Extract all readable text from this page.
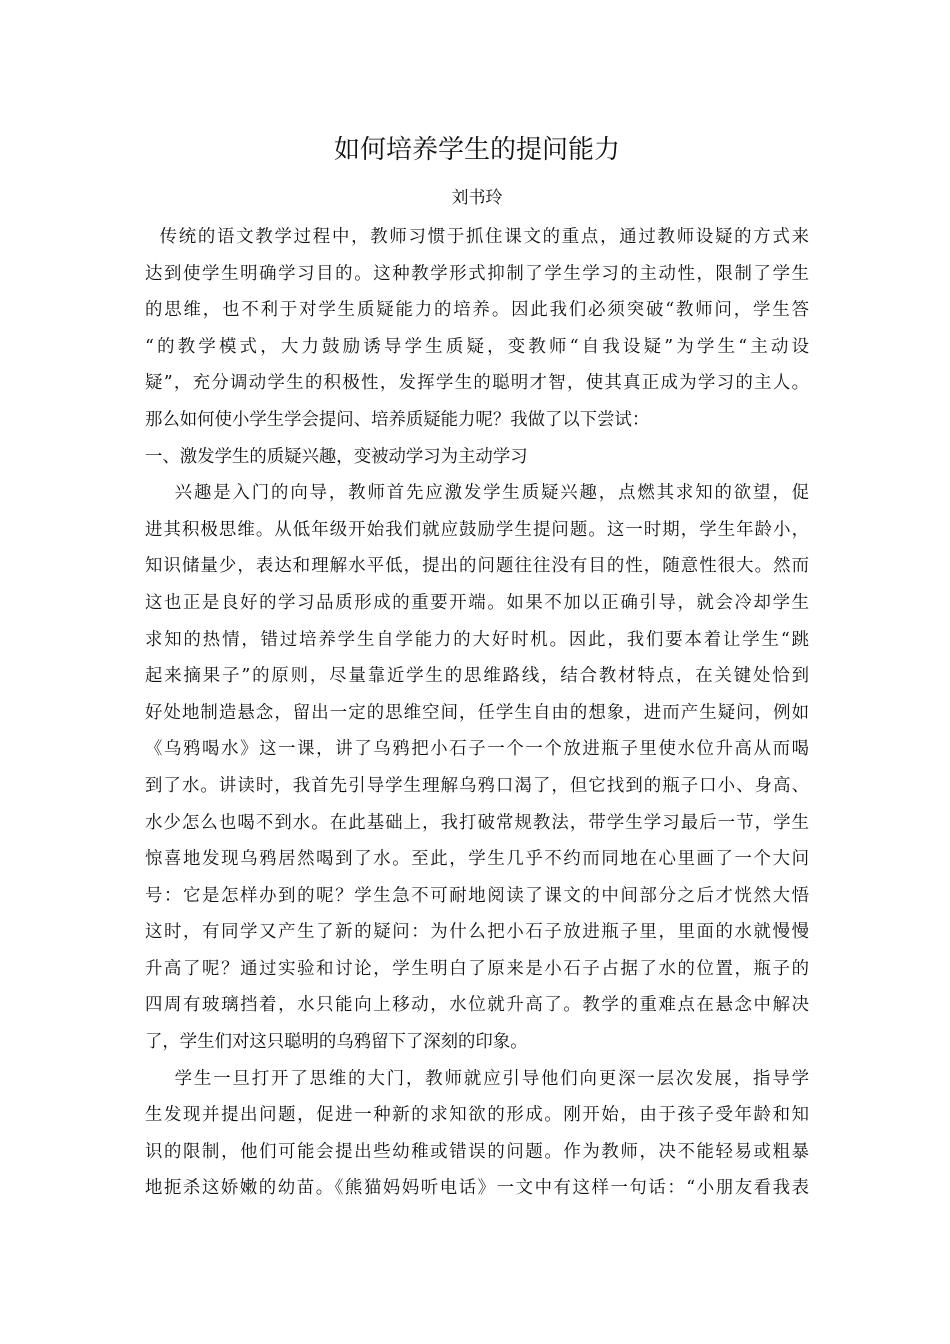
如何培养学生的提问能力
刘书玲
传统的语文教学过程中，教师习惯于抓住课文的重点，通过教师设疑的方式来
达到使学生明确学习目的。这种教学形式抑制了学生学习的主动性，限制了学生
的思维，也不利于对学生质疑能力的培养。因此我们必须突破“教师问，学生答
“的教学模式，大力鼓励诱导学生质疑，变教师“自我设疑”为学生“主动设
疑”，充分调动学生的积极性，发挥学生的聪明才智，使其真正成为学习的主人。
那么如何使小学生学会提问、培养质疑能力呢？我做了以下尝试：
一、激发学生的质疑兴趣，变被动学习为主动学习
兴趣是入门的向导，教师首先应激发学生质疑兴趣，点燃其求知的欲望，促
进其积极思维。从低年级开始我们就应鼓励学生提问题。这一时期，学生年龄小，
知识储量少，表达和理解水平低，提出的问题往往没有目的性，随意性很大。然而
这也正是良好的学习品质形成的重要开端。如果不加以正确引导，就会冷却学生
求知的热情，错过培养学生自学能力的大好时机。因此，我们要本着让学生“跳
起来摘果子”的原则，尽量靠近学生的思维路线，结合教材特点，在关键处恰到
好处地制造悬念，留出一定的思维空间，任学生自由的想象，进而产生疑问，例如
《乌鸦喝水》这一课，讲了乌鸦把小石子一个一个放进瓶子里使水位升高从而喝
到了水。讲读时，我首先引导学生理解乌鸦口渴了，但它找到的瓶子口小、身高、
水少怎么也喝不到水。在此基础上，我打破常规教法，带学生学习最后一节，学生
惊喜地发现乌鸦居然喝到了水。至此，学生几乎不约而同地在心里画了一个大问
号：它是怎样办到的呢？学生急不可耐地阅读了课文的中间部分之后才恍然大悟
这时，有同学又产生了新的疑问：为什么把小石子放进瓶子里，里面的水就慢慢
升高了呢？通过实验和讨论，学生明白了原来是小石子占据了水的位置，瓶子的
四周有玻璃挡着，水只能向上移动，水位就升高了。教学的重难点在悬念中解决
了，学生们对这只聪明的乌鸦留下了深刻的印象。
学生一旦打开了思维的大门，教师就应引导他们向更深一层次发展，指导学
生发现并提出问题，促进一种新的求知欲的形成。刚开始，由于孩子受年龄和知
识的限制，他们可能会提出些幼稚或错误的问题。作为教师，决不能轻易或粗暴
地扼杀这娇嫩的幼苗。《熊猫妈妈听电话》一文中有这样一句话：“小朋友看我表
